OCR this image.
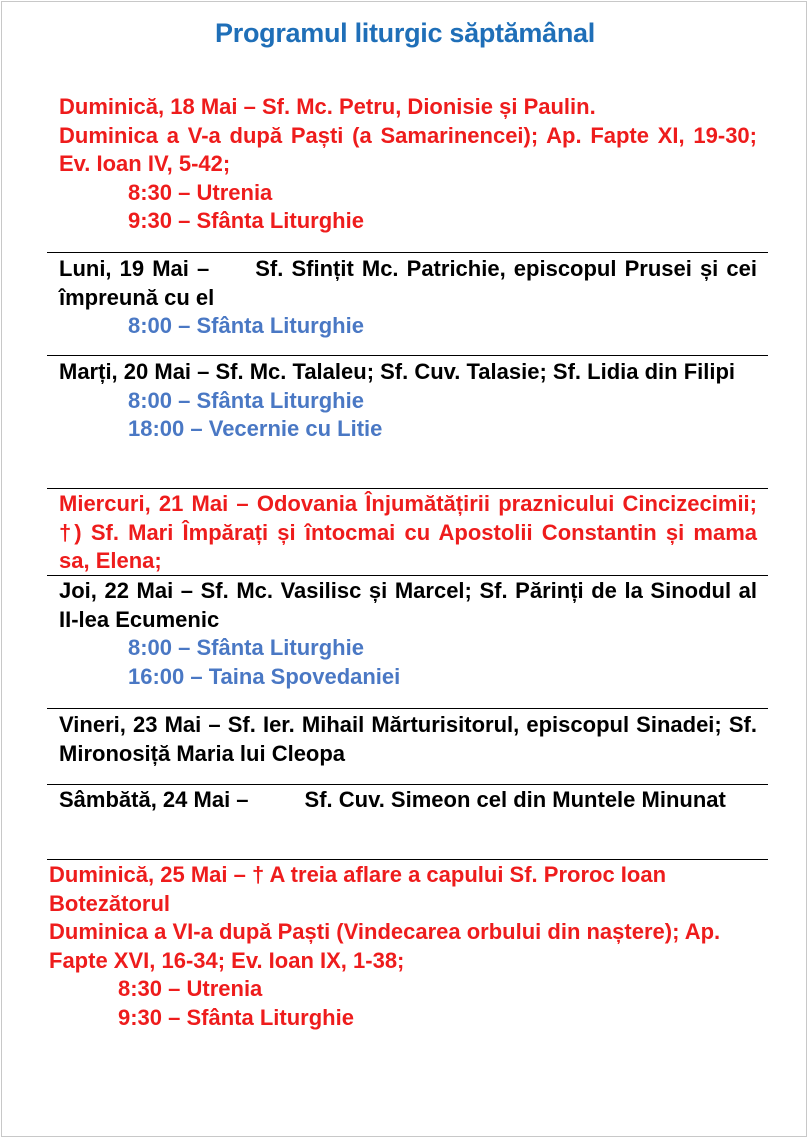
Programul liturgic săptămânal
Duminică, 18 Mai – Sf. Mc. Petru, Dionisie și Paulin.
Duminica a V-a după Paști (a Samarinencei); Ap. Fapte XI, 19-30; Ev. Ioan IV, 5-42;
8:30 – Utrenia
9:30 – Sfânta Liturghie
Luni, 19 Mai – Sf. Sfințit Mc. Patrichie, episcopul Prusei și cei împreună cu el
8:00 – Sfânta Liturghie
Marți, 20 Mai – Sf. Mc. Talaleu; Sf. Cuv. Talasie; Sf. Lidia din Filipi
8:00 – Sfânta Liturghie
18:00 – Vecernie cu Litie
Miercuri, 21 Mai – Odovania Înjumătățirii praznicului Cincizecimii; †) Sf. Mari Împărați și întocmai cu Apostolii Constantin și mama sa, Elena;
Joi, 22 Mai – Sf. Mc. Vasilisc și Marcel; Sf. Părinți de la Sinodul al II-lea Ecumenic
8:00 – Sfânta Liturghie
16:00 – Taina Spovedaniei
Vineri, 23 Mai – Sf. Ier. Mihail Mărturisitorul, episcopul Sinadei; Sf. Mironosiță Maria lui Cleopa
Sâmbătă, 24 Mai –	Sf. Cuv. Simeon cel din Muntele Minunat
Duminică, 25 Mai – † A treia aflare a capului Sf. Proroc Ioan Botezătorul
Duminica a VI-a după Paști (Vindecarea orbului din naștere); Ap. Fapte XVI, 16-34; Ev. Ioan IX, 1-38;
8:30 – Utrenia
9:30 – Sfânta Liturghie
